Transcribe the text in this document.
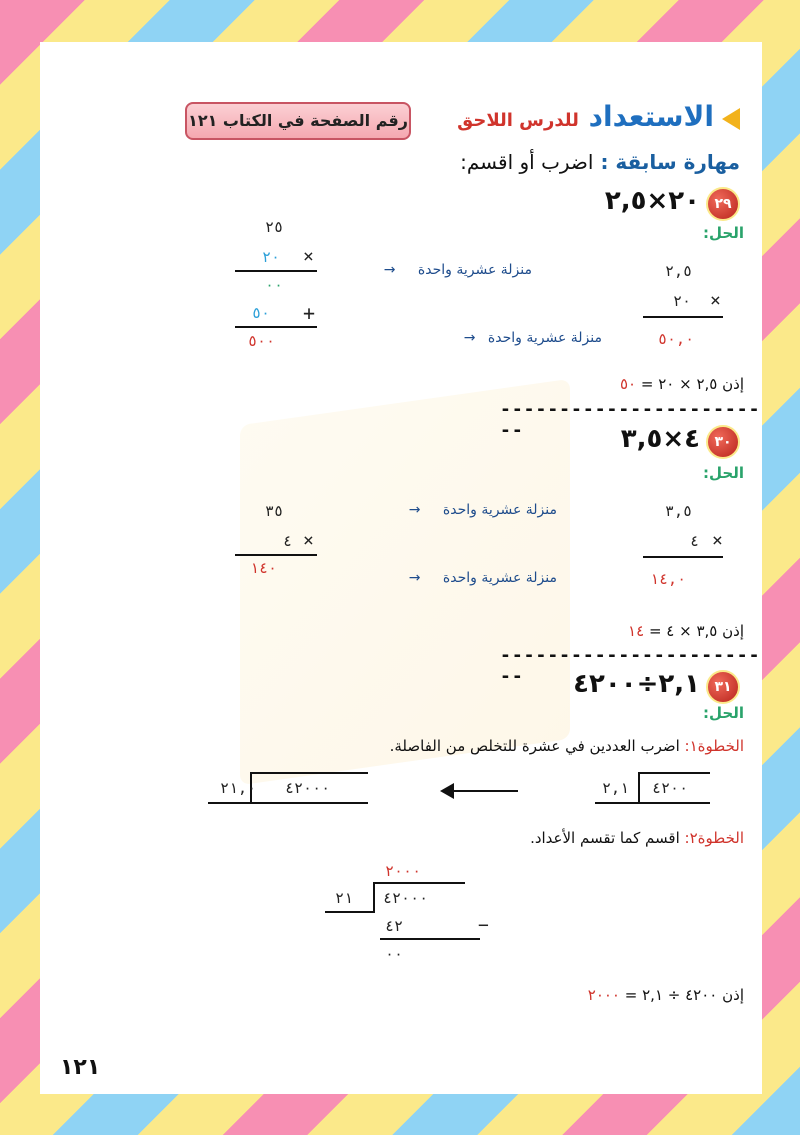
الاستعداد للدرس اللاحق
رقم الصفحة في الكتاب ١٢١
مهارة سابقة : اضرب أو اقسم:
٢٩
٢٠×٢,٥
الحل:
٢٥
٢٠ ×
٠٠
٥٠ +
٥٠٠
٢,٥
منزلة عشرية واحدة →
٢٠ ×
٥٠,٠
منزلة عشرية واحدة →
إذن ٢,٥ × ٢٠ = ٥٠
------------------------
٣٠
٤×٣,٥
الحل:
٣٥
٤ ×
١٤٠
٣,٥
منزلة عشرية واحدة →
٤ ×
١٤,٠
منزلة عشرية واحدة →
إذن ٣,٥ × ٤ = ١٤
------------------------	٣١
٢,١÷٤٢٠٠
الحل:
الخطوة١: اضرب العددين في عشرة للتخلص من الفاصلة.
٢١,٠ ٤٢٠٠٠	٢,١ ٤٢٠٠
الخطوة٢: اقسم كما تقسم الأعداد.
٢٠٠٠
٢١ ٤٢٠٠٠
٤٢	−
٠٠
إذن ٤٢٠٠ ÷ ٢,١ = ٢٠٠٠
١٢١
